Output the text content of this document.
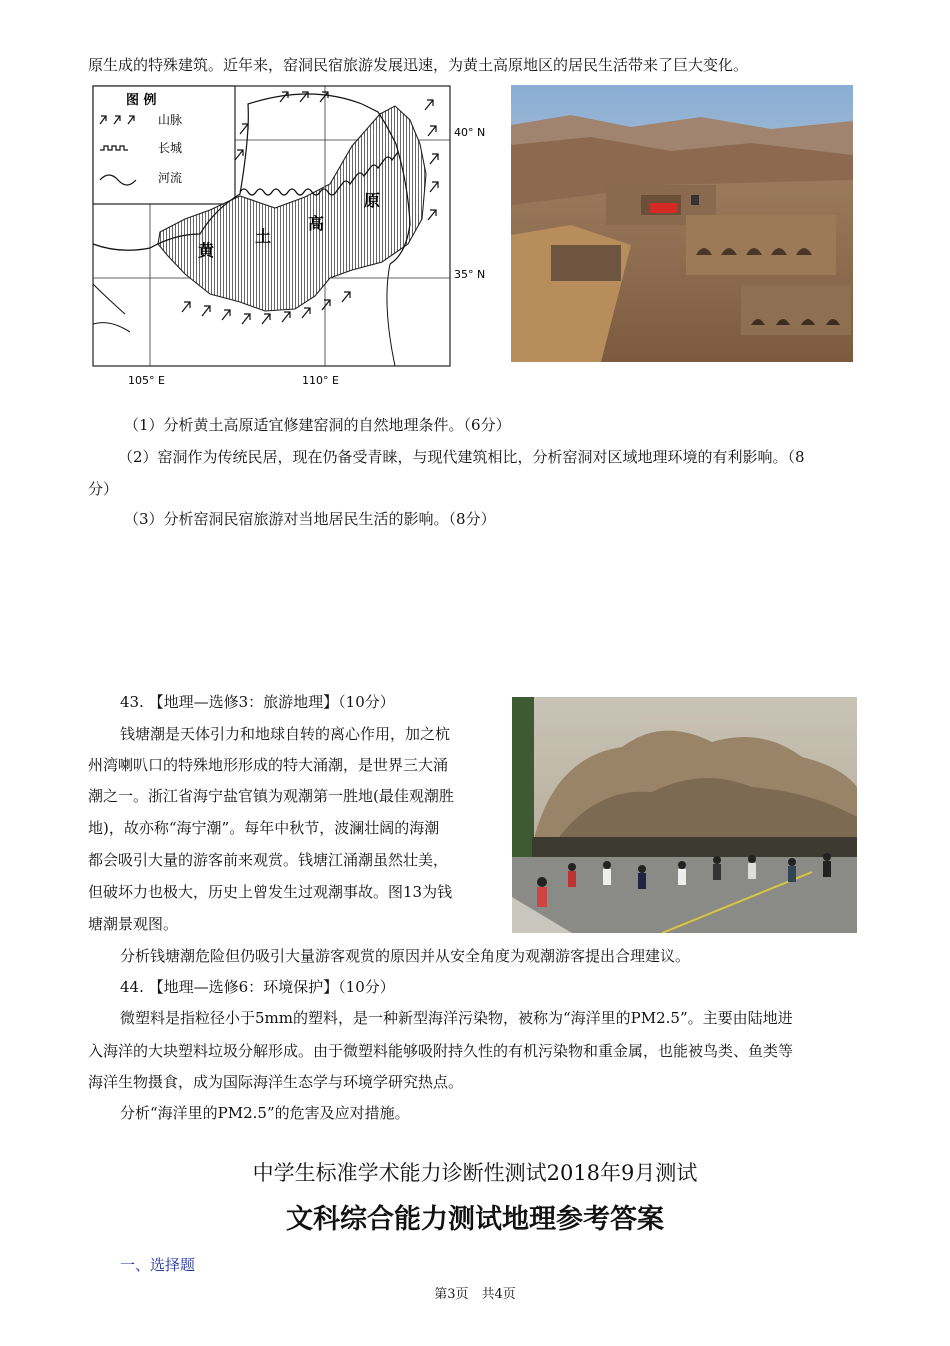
原生成的特殊建筑。近年来，窑洞民宿旅游发展迅速，为黄土高原地区的居民生活带来了巨大变化。
图 例
山脉
长城
河流
黄
土
高
原
40° N
35° N
105° E	110° E
（1）分析黄土高原适宜修建窑洞的自然地理条件。（6分）
（2）窑洞作为传统民居，现在仍备受青睐，与现代建筑相比，分析窑洞对区域地理环境的有利影响。（8
分）
（3）分析窑洞民宿旅游对当地居民生活的影响。（8分）
43. 【地理—选修3：旅游地理】（10分）
钱塘潮是天体引力和地球自转的离心作用，加之杭
州湾喇叭口的特殊地形形成的特大涌潮，是世界三大涌
潮之一。浙江省海宁盐官镇为观潮第一胜地(最佳观潮胜
地)，故亦称“海宁潮”。每年中秋节，波澜壮阔的海潮
都会吸引大量的游客前来观赏。钱塘江涌潮虽然壮美，
但破坏力也极大，历史上曾发生过观潮事故。图13为钱
塘潮景观图。
分析钱塘潮危险但仍吸引大量游客观赏的原因并从安全角度为观潮游客提出合理建议。
44. 【地理—选修6：环境保护】（10分）
微塑料是指粒径小于5mm的塑料，是一种新型海洋污染物，被称为“海洋里的PM2.5”。主要由陆地进
入海洋的大块塑料垃圾分解形成。由于微塑料能够吸附持久性的有机污染物和重金属，也能被鸟类、鱼类等
海洋生物摄食，成为国际海洋生态学与环境学研究热点。
分析“海洋里的PM2.5”的危害及应对措施。
中学生标准学术能力诊断性测试2018年9月测试
文科综合能力测试地理参考答案
一、选择题
第3页　共4页
